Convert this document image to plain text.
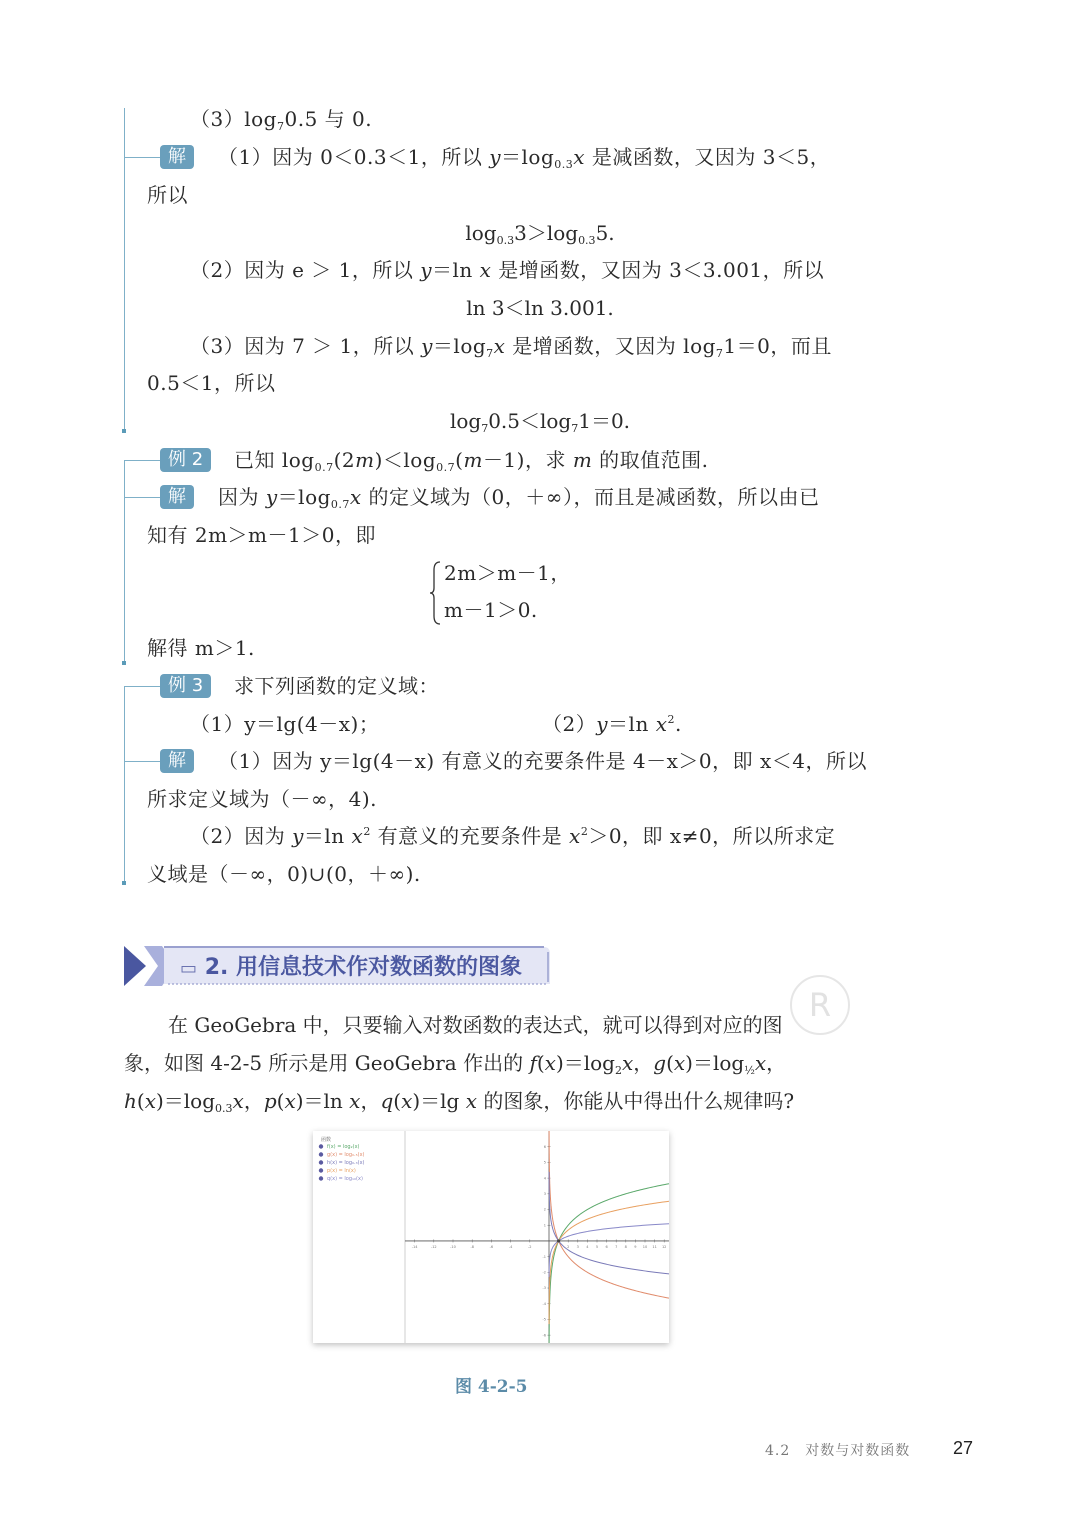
$(3)\log_70.5$ 与 0.
解	（1）因为 0＜0.3＜1，所以 $y=\log_{0.3}x$ 是减函数，又因为 3＜5，
所以
$\log_{0.3}3>\log_{0.3}5$.
（2）因为 e ＞ 1，所以 y＝ln x 是增函数，又因为 3＜3.001，所以
ln 3＜ln 3.001.
（3）因为 7 ＞ 1，所以 $y=\log_7x$ 是增函数，又因为 $\log_71=0$，而且
0.5＜1，所以
$\log_70.5<\log_71=0$.
例 2	已知 $\log_{0.7}(2m)<\log_{0.7}(m-1)$，求 m 的取值范围.
解	因为 $y=\log_{0.7}x$ 的定义域为（0，＋∞），而且是减函数，所以由已
知有 2m＞m－1＞0，即
2m＞m－1，
m－1＞0.
解得 m＞1.
例 3	求下列函数的定义域：
（1）y＝lg(4－x)；	（2）y＝ln $x^2$.
解	（1）因为 y＝lg(4－x) 有意义的充要条件是 4－x＞0，即 x＜4，所以
所求定义域为（－∞，4).
（2）因为 y＝ln $x^2$ 有意义的充要条件是 $x^2>0$，即 x≠0，所以所求定
义域是（－∞，0)∪(0，＋∞).
▭ 2. 用信息技术作对数函数的图象
R
在 GeoGebra 中，只要输入对数函数的表达式，就可以得到对应的图
象，如图 4-2-5 所示是用 GeoGebra 作出的 $f(x)=\log_2x$，$g(x)=\log_{\frac{1}{2}}x$，
$h(x)=\log_{0.3}x$，p(x)＝ln x，q(x)＝lg x 的图象，你能从中得出什么规律吗?
函数
f(x) = log₂(x)
g(x) = log₀.₅(x)
h(x) = log₀.₃(x)
p(x) = ln(x)
q(x) = log₁₀(x)
-14	-12	-10	-8	-6	-4	-2	2 3 4 5 6 7 8 9 10 11 12
-6
-5
-4
-3
-2
-1
1
2
3
4
5
6
图 4-2-5
4.2　对数与对数函数 27
